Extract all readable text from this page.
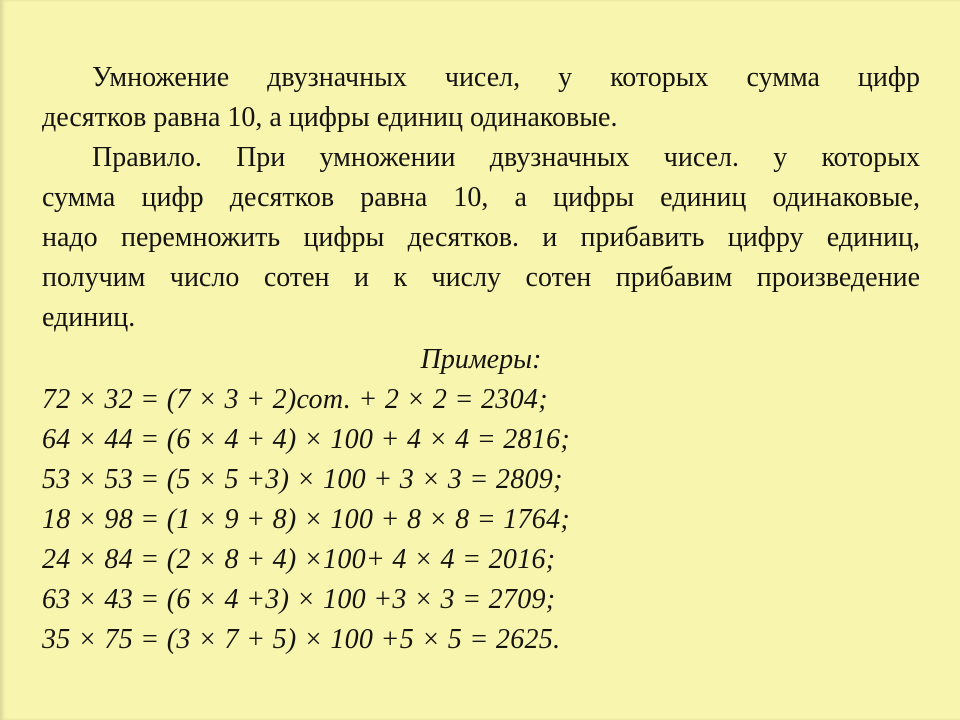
Умножение двузначных чисел, у которых сумма цифр
десятков равна 10, а цифры единиц одинаковые.
Правило. При умножении двузначных чисел. у которых
сумма цифр десятков равна 10, а цифры единиц одинаковые,
надо перемножить цифры десятков. и прибавить цифру единиц,
получим число сотен и к числу сотен прибавим произведение
единиц.
Примеры:
72 × 32 = (7 × 3 + 2)сот. + 2 × 2 = 2304;
64 × 44 = (6 × 4 + 4) × 100 + 4 × 4 = 2816;
53 × 53 = (5 × 5 +3) × 100 + 3 × 3 = 2809;
18 × 98 = (1 × 9 + 8) × 100 + 8 × 8 = 1764;
24 × 84 = (2 × 8 + 4) ×100+ 4 × 4 = 2016;
63 × 43 = (6 × 4 +3) × 100 +3 × 3 = 2709;
35 × 75 = (3 × 7 + 5) × 100 +5 × 5 = 2625.
